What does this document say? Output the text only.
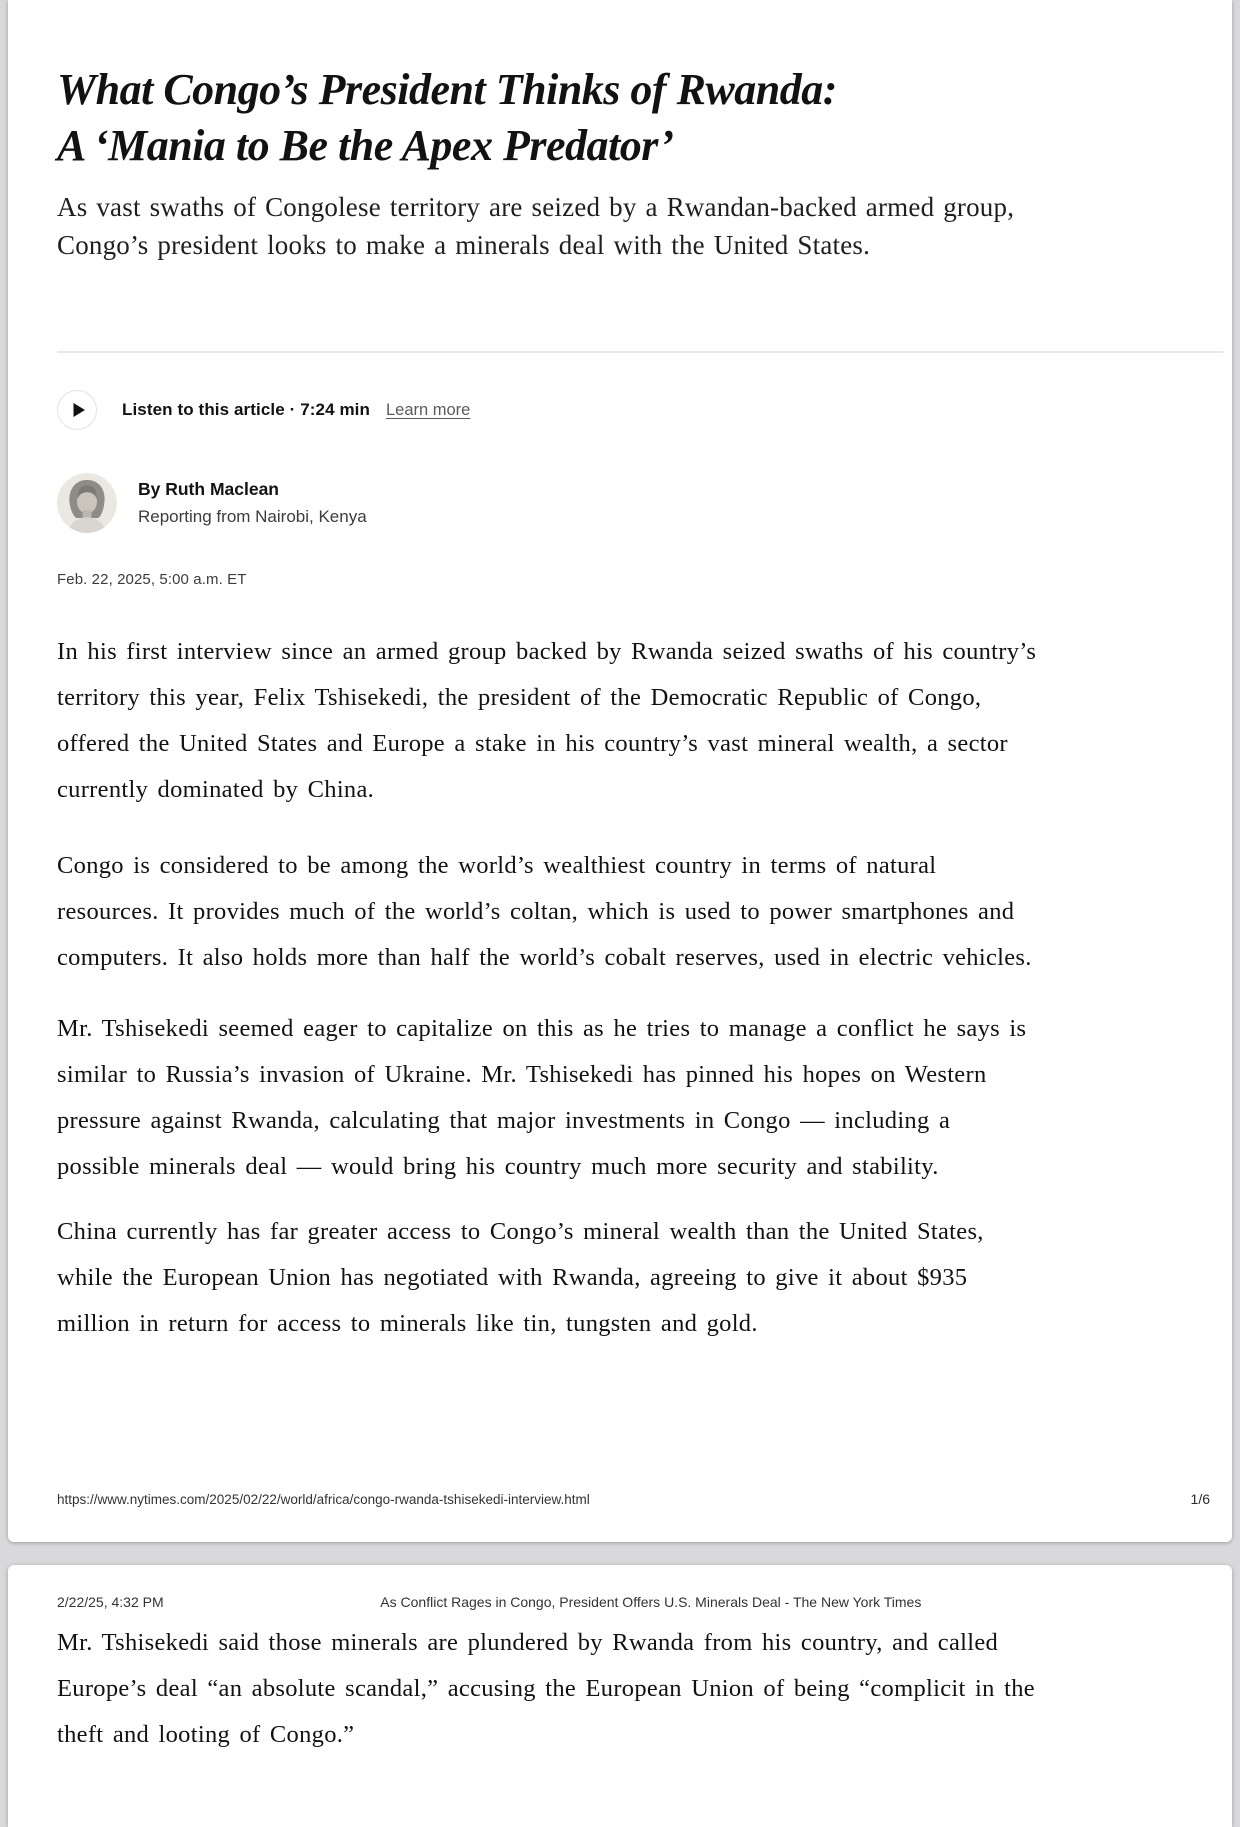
What Congo’s President Thinks of Rwanda:
A ‘Mania to Be the Apex Predator’

As vast swaths of Congolese territory are seized by a Rwandan-backed armed group, Congo’s president looks to make a minerals deal with the United States.

Listen to this article · 7:24 min Learn more
By Ruth Maclean
Reporting from Nairobi, Kenya
Feb. 22, 2025, 5:00 a.m. ET

In his first interview since an armed group backed by Rwanda seized swaths of his country’s territory this year, Felix Tshisekedi, the president of the Democratic Republic of Congo, offered the United States and Europe a stake in his country’s vast mineral wealth, a sector currently dominated by China.

Congo is considered to be among the world’s wealthiest country in terms of natural resources. It provides much of the world’s coltan, which is used to power smartphones and computers. It also holds more than half the world’s cobalt reserves, used in electric vehicles.

Mr. Tshisekedi seemed eager to capitalize on this as he tries to manage a conflict he says is similar to Russia’s invasion of Ukraine. Mr. Tshisekedi has pinned his hopes on Western pressure against Rwanda, calculating that major investments in Congo — including a possible minerals deal — would bring his country much more security and stability.

China currently has far greater access to Congo’s mineral wealth than the United States, while the European Union has negotiated with Rwanda, agreeing to give it about $935 million in return for access to minerals like tin, tungsten and gold.

https://www.nytimes.com/2025/02/22/world/africa/congo-rwanda-tshisekedi-interview.html	1/6
2/22/25, 4:32 PM	As Conflict Rages in Congo, President Offers U.S. Minerals Deal - The New York Times

Mr. Tshisekedi said those minerals are plundered by Rwanda from his country, and called Europe’s deal “an absolute scandal,” accusing the European Union of being “complicit in the theft and looting of Congo.”
